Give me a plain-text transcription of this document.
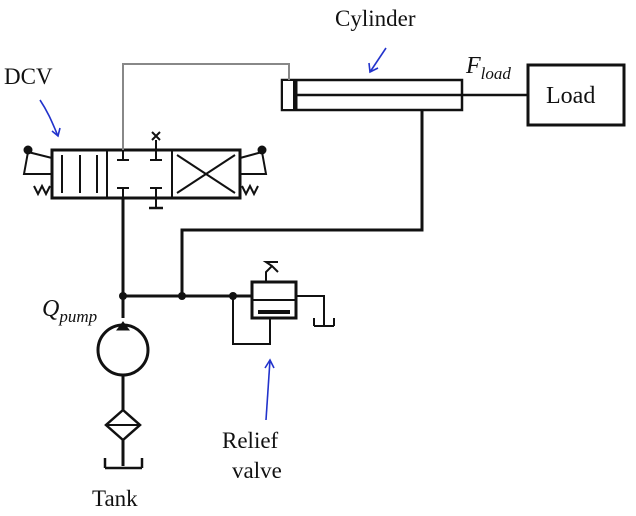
Cylinder
DCV	$F_{load}$
Load
$Q_{pump}$
Relief
valve
Tank
